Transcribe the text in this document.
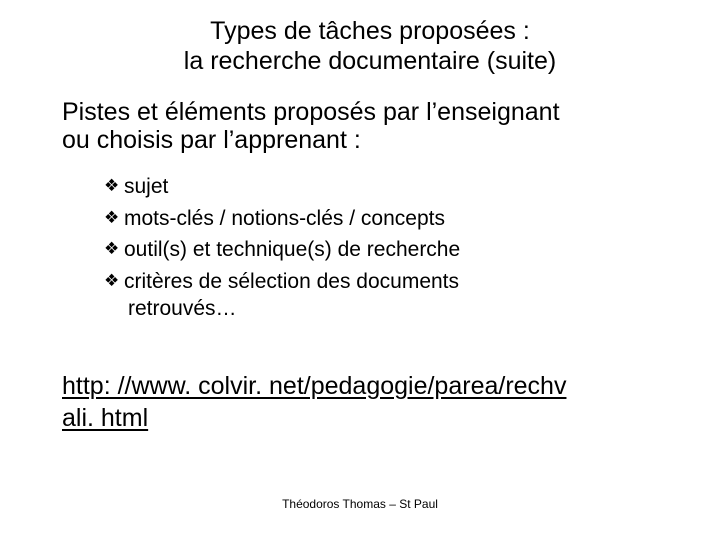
Types de tâches proposées :
la recherche documentaire (suite)
Pistes et éléments proposés par l’enseignant
ou choisis par l’apprenant :
❖ sujet
❖ mots-clés / notions-clés / concepts
❖ outil(s) et technique(s) de recherche
❖ critères de sélection des documents
retrouvés…
http: //www. colvir. net/pedagogie/parea/rechv
ali. html
Théodoros Thomas – St Paul
